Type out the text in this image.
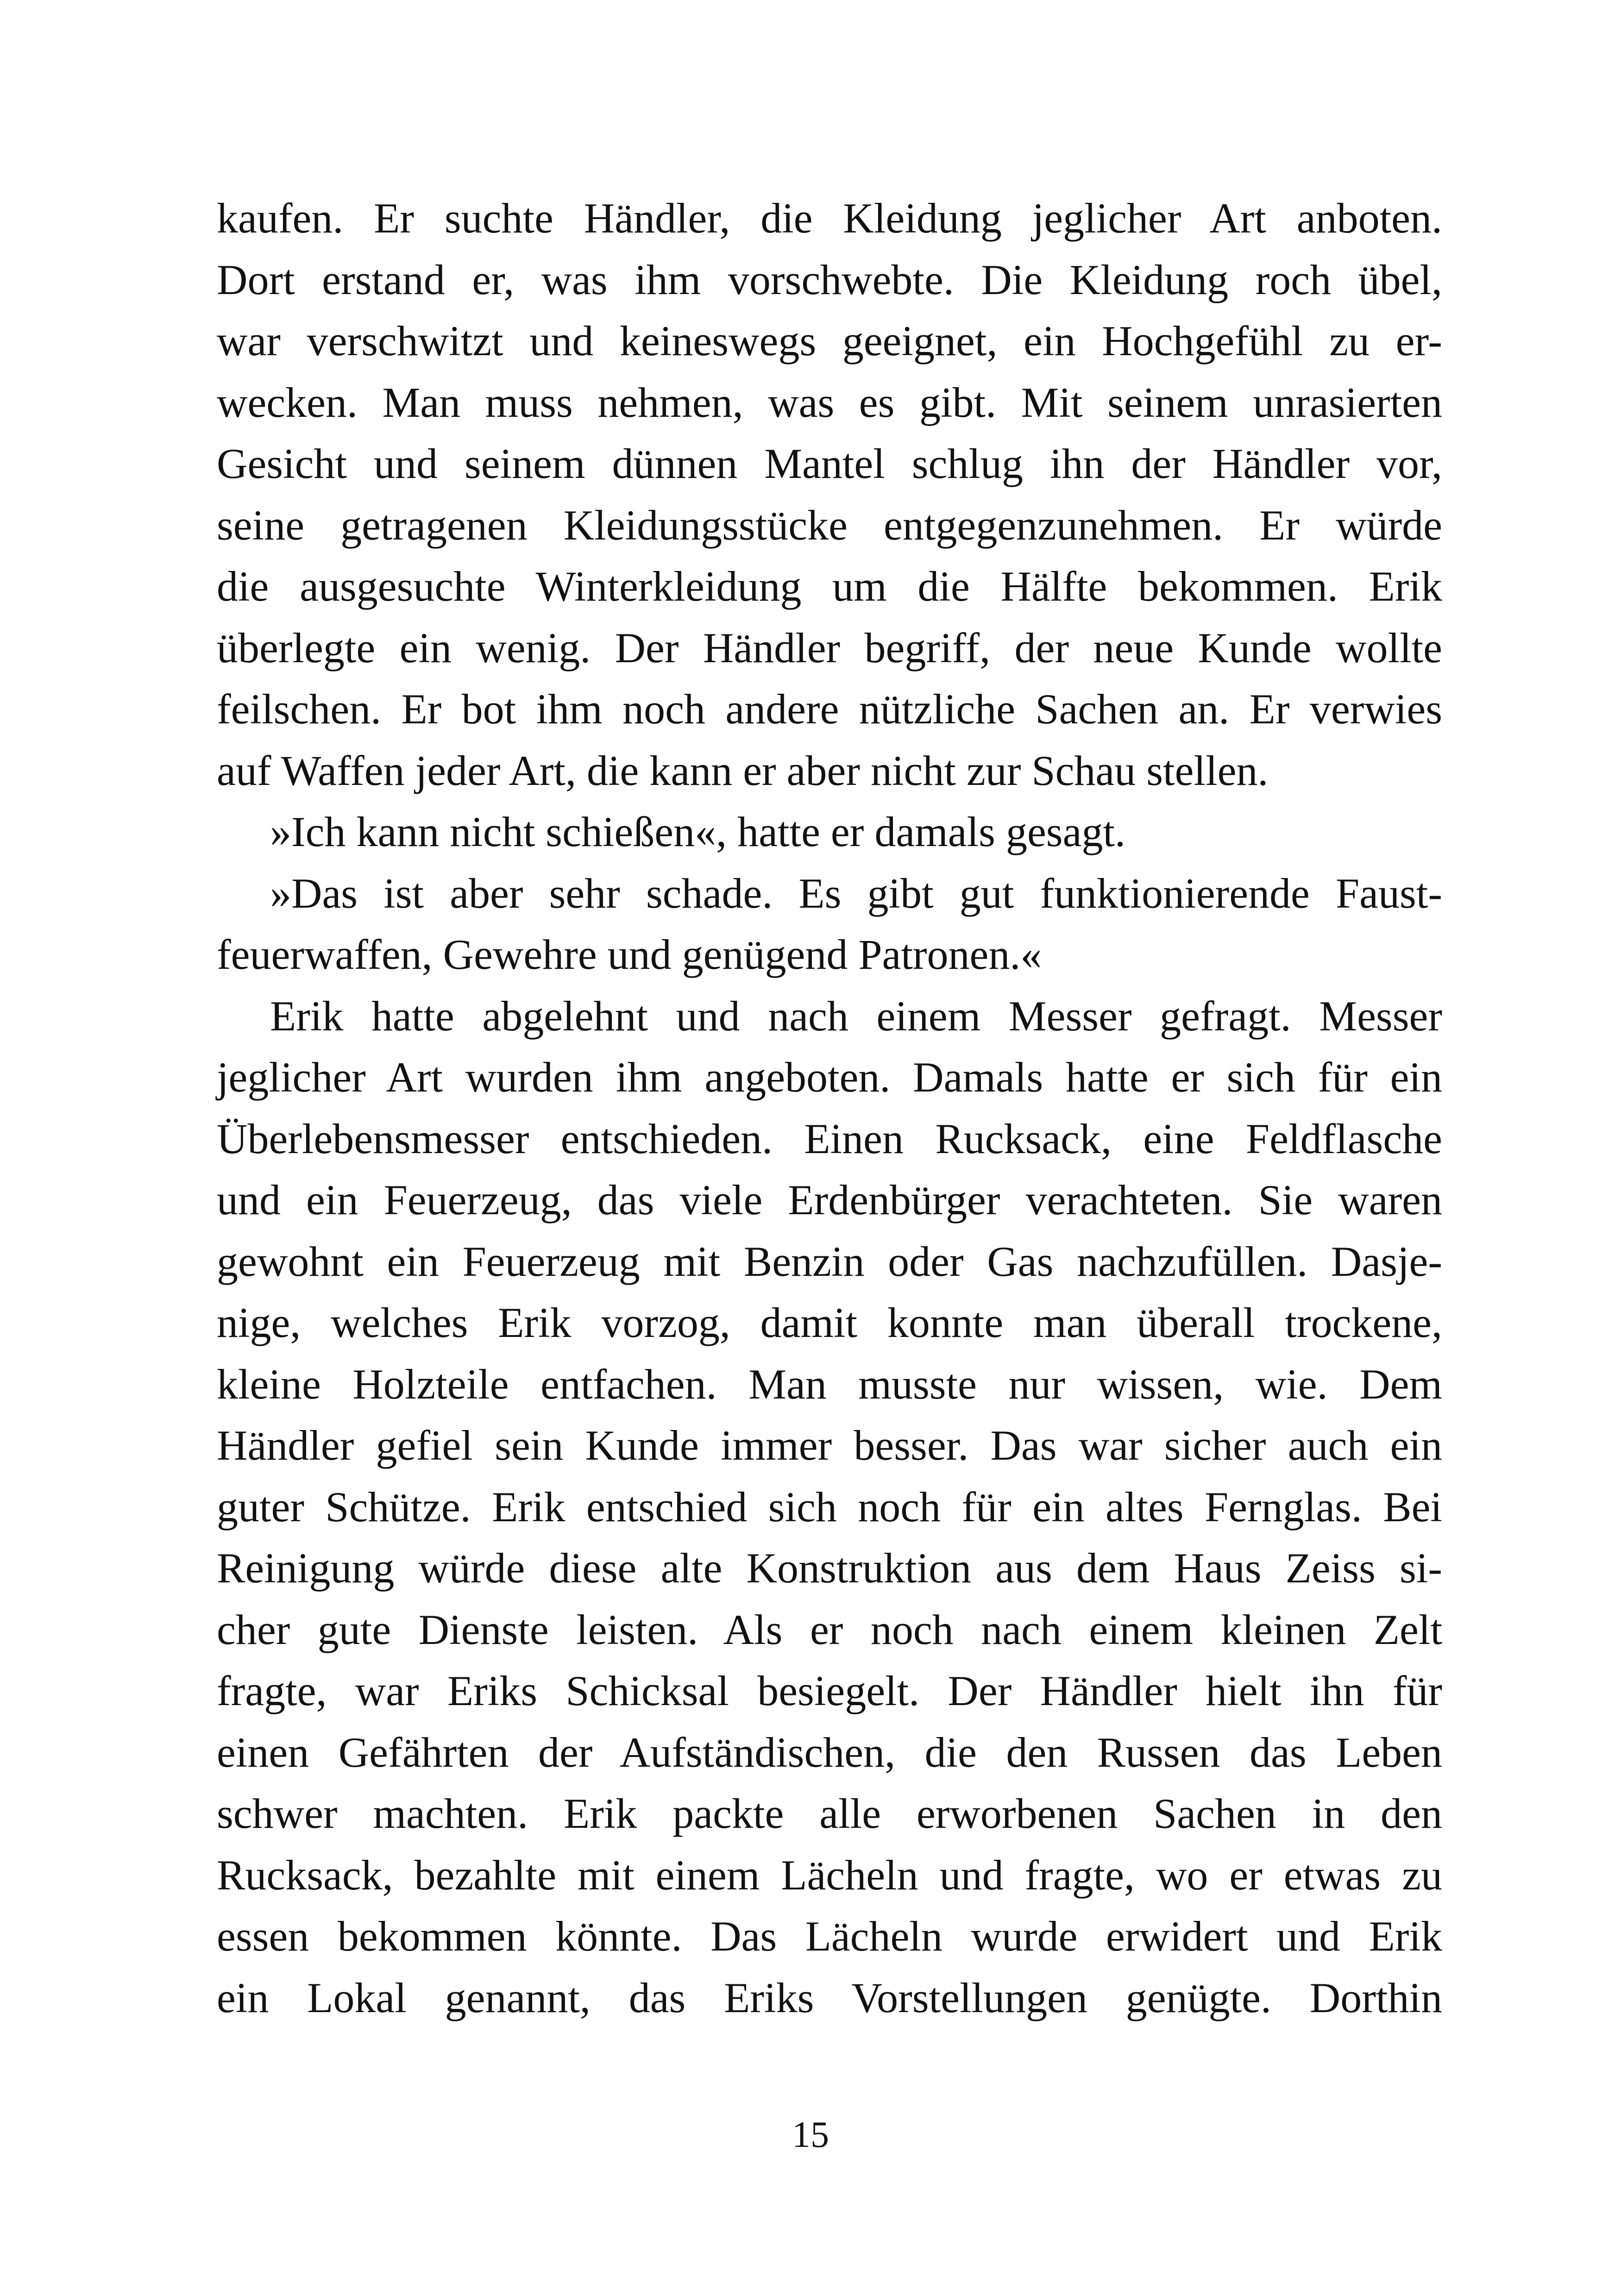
kaufen. Er suchte Händler, die Kleidung jeglicher Art anboten.
Dort erstand er, was ihm vorschwebte. Die Kleidung roch übel,
war verschwitzt und keineswegs geeignet, ein Hochgefühl zu er-
wecken. Man muss nehmen, was es gibt. Mit seinem unrasierten
Gesicht und seinem dünnen Mantel schlug ihn der Händler vor,
seine getragenen Kleidungsstücke entgegenzunehmen. Er würde
die ausgesuchte Winterkleidung um die Hälfte bekommen. Erik
überlegte ein wenig. Der Händler begriff, der neue Kunde wollte
feilschen. Er bot ihm noch andere nützliche Sachen an. Er verwies
auf Waffen jeder Art, die kann er aber nicht zur Schau stellen.
»Ich kann nicht schießen«, hatte er damals gesagt.
»Das ist aber sehr schade. Es gibt gut funktionierende Faust-
feuerwaffen, Gewehre und genügend Patronen.«
Erik hatte abgelehnt und nach einem Messer gefragt. Messer
jeglicher Art wurden ihm angeboten. Damals hatte er sich für ein
Überlebensmesser entschieden. Einen Rucksack, eine Feldflasche
und ein Feuerzeug, das viele Erdenbürger verachteten. Sie waren
gewohnt ein Feuerzeug mit Benzin oder Gas nachzufüllen. Dasje-
nige, welches Erik vorzog, damit konnte man überall trockene,
kleine Holzteile entfachen. Man musste nur wissen, wie. Dem
Händler gefiel sein Kunde immer besser. Das war sicher auch ein
guter Schütze. Erik entschied sich noch für ein altes Fernglas. Bei
Reinigung würde diese alte Konstruktion aus dem Haus Zeiss si-
cher gute Dienste leisten. Als er noch nach einem kleinen Zelt
fragte, war Eriks Schicksal besiegelt. Der Händler hielt ihn für
einen Gefährten der Aufständischen, die den Russen das Leben
schwer machten. Erik packte alle erworbenen Sachen in den
Rucksack, bezahlte mit einem Lächeln und fragte, wo er etwas zu
essen bekommen könnte. Das Lächeln wurde erwidert und Erik
ein Lokal genannt, das Eriks Vorstellungen genügte. Dorthin
15
